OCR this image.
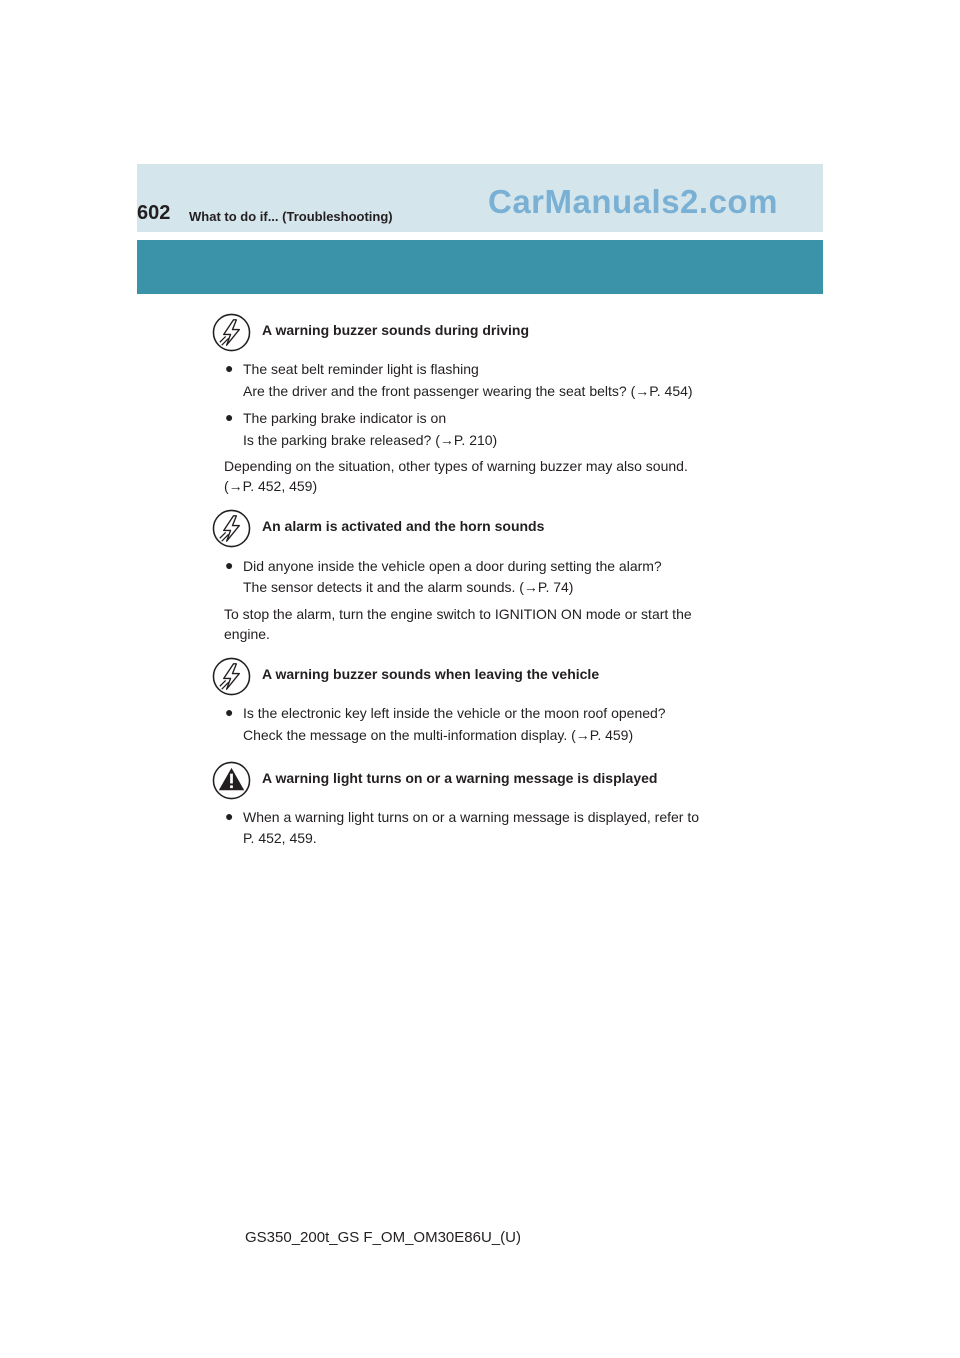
602 What to do if... (Troubleshooting)	CarManuals2.com
A warning buzzer sounds during driving
● The seat belt reminder light is flashing
Are the driver and the front passenger wearing the seat belts? (→P. 454)
● The parking brake indicator is on
Is the parking brake released? (→P. 210)
Depending on the situation, other types of warning buzzer may also sound.
(→P. 452, 459)
An alarm is activated and the horn sounds
● Did anyone inside the vehicle open a door during setting the alarm?
The sensor detects it and the alarm sounds. (→P. 74)
To stop the alarm, turn the engine switch to IGNITION ON mode or start the
engine.
A warning buzzer sounds when leaving the vehicle
● Is the electronic key left inside the vehicle or the moon roof opened?
Check the message on the multi-information display. (→P. 459)
A warning light turns on or a warning message is displayed
● When a warning light turns on or a warning message is displayed, refer to
P. 452, 459.
GS350_200t_GS F_OM_OM30E86U_(U)
